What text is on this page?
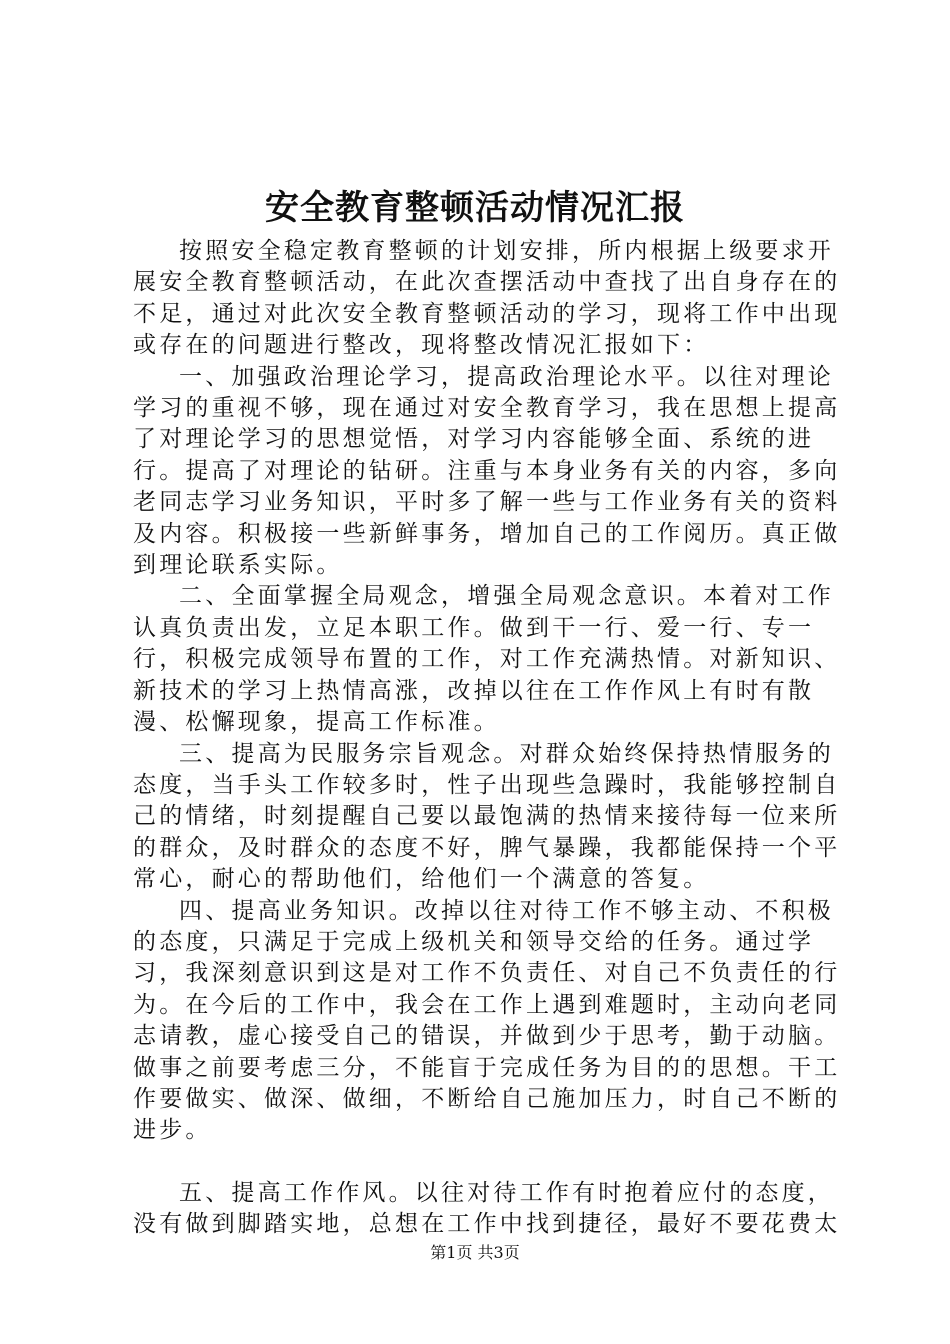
安全教育整顿活动情况汇报

按照安全稳定教育整顿的计划安排，所内根据上级要求开展安全教育整顿活动，在此次查摆活动中查找了出自身存在的不足，通过对此次安全教育整顿活动的学习，现将工作中出现或存在的问题进行整改，现将整改情况汇报如下：

一、加强政治理论学习，提高政治理论水平。以往对理论学习的重视不够，现在通过对安全教育学习，我在思想上提高了对理论学习的思想觉悟，对学习内容能够全面、系统的进行。提高了对理论的钻研。注重与本身业务有关的内容，多向老同志学习业务知识，平时多了解一些与工作业务有关的资料及内容。积极接一些新鲜事务，增加自己的工作阅历。真正做到理论联系实际。

二、全面掌握全局观念，增强全局观念意识。本着对工作认真负责出发，立足本职工作。做到干一行、爱一行、专一行，积极完成领导布置的工作，对工作充满热情。对新知识、新技术的学习上热情高涨，改掉以往在工作作风上有时有散漫、松懈现象，提高工作标准。

三、提高为民服务宗旨观念。对群众始终保持热情服务的态度，当手头工作较多时，性子出现些急躁时，我能够控制自己的情绪，时刻提醒自己要以最饱满的热情来接待每一位来所的群众，及时群众的态度不好，脾气暴躁，我都能保持一个平常心，耐心的帮助他们，给他们一个满意的答复。

四、提高业务知识。改掉以往对待工作不够主动、不积极的态度，只满足于完成上级机关和领导交给的任务。通过学习，我深刻意识到这是对工作不负责任、对自己不负责任的行为。在今后的工作中，我会在工作上遇到难题时，主动向老同志请教，虚心接受自己的错误，并做到少于思考，勤于动脑。做事之前要考虑三分，不能盲于完成任务为目的的思想。干工作要做实、做深、做细，不断给自己施加压力，时自己不断的进步。

五、提高工作作风。以往对待工作有时抱着应付的态度，没有做到脚踏实地，总想在工作中找到捷径，最好不要花费太

第1页 共3页
